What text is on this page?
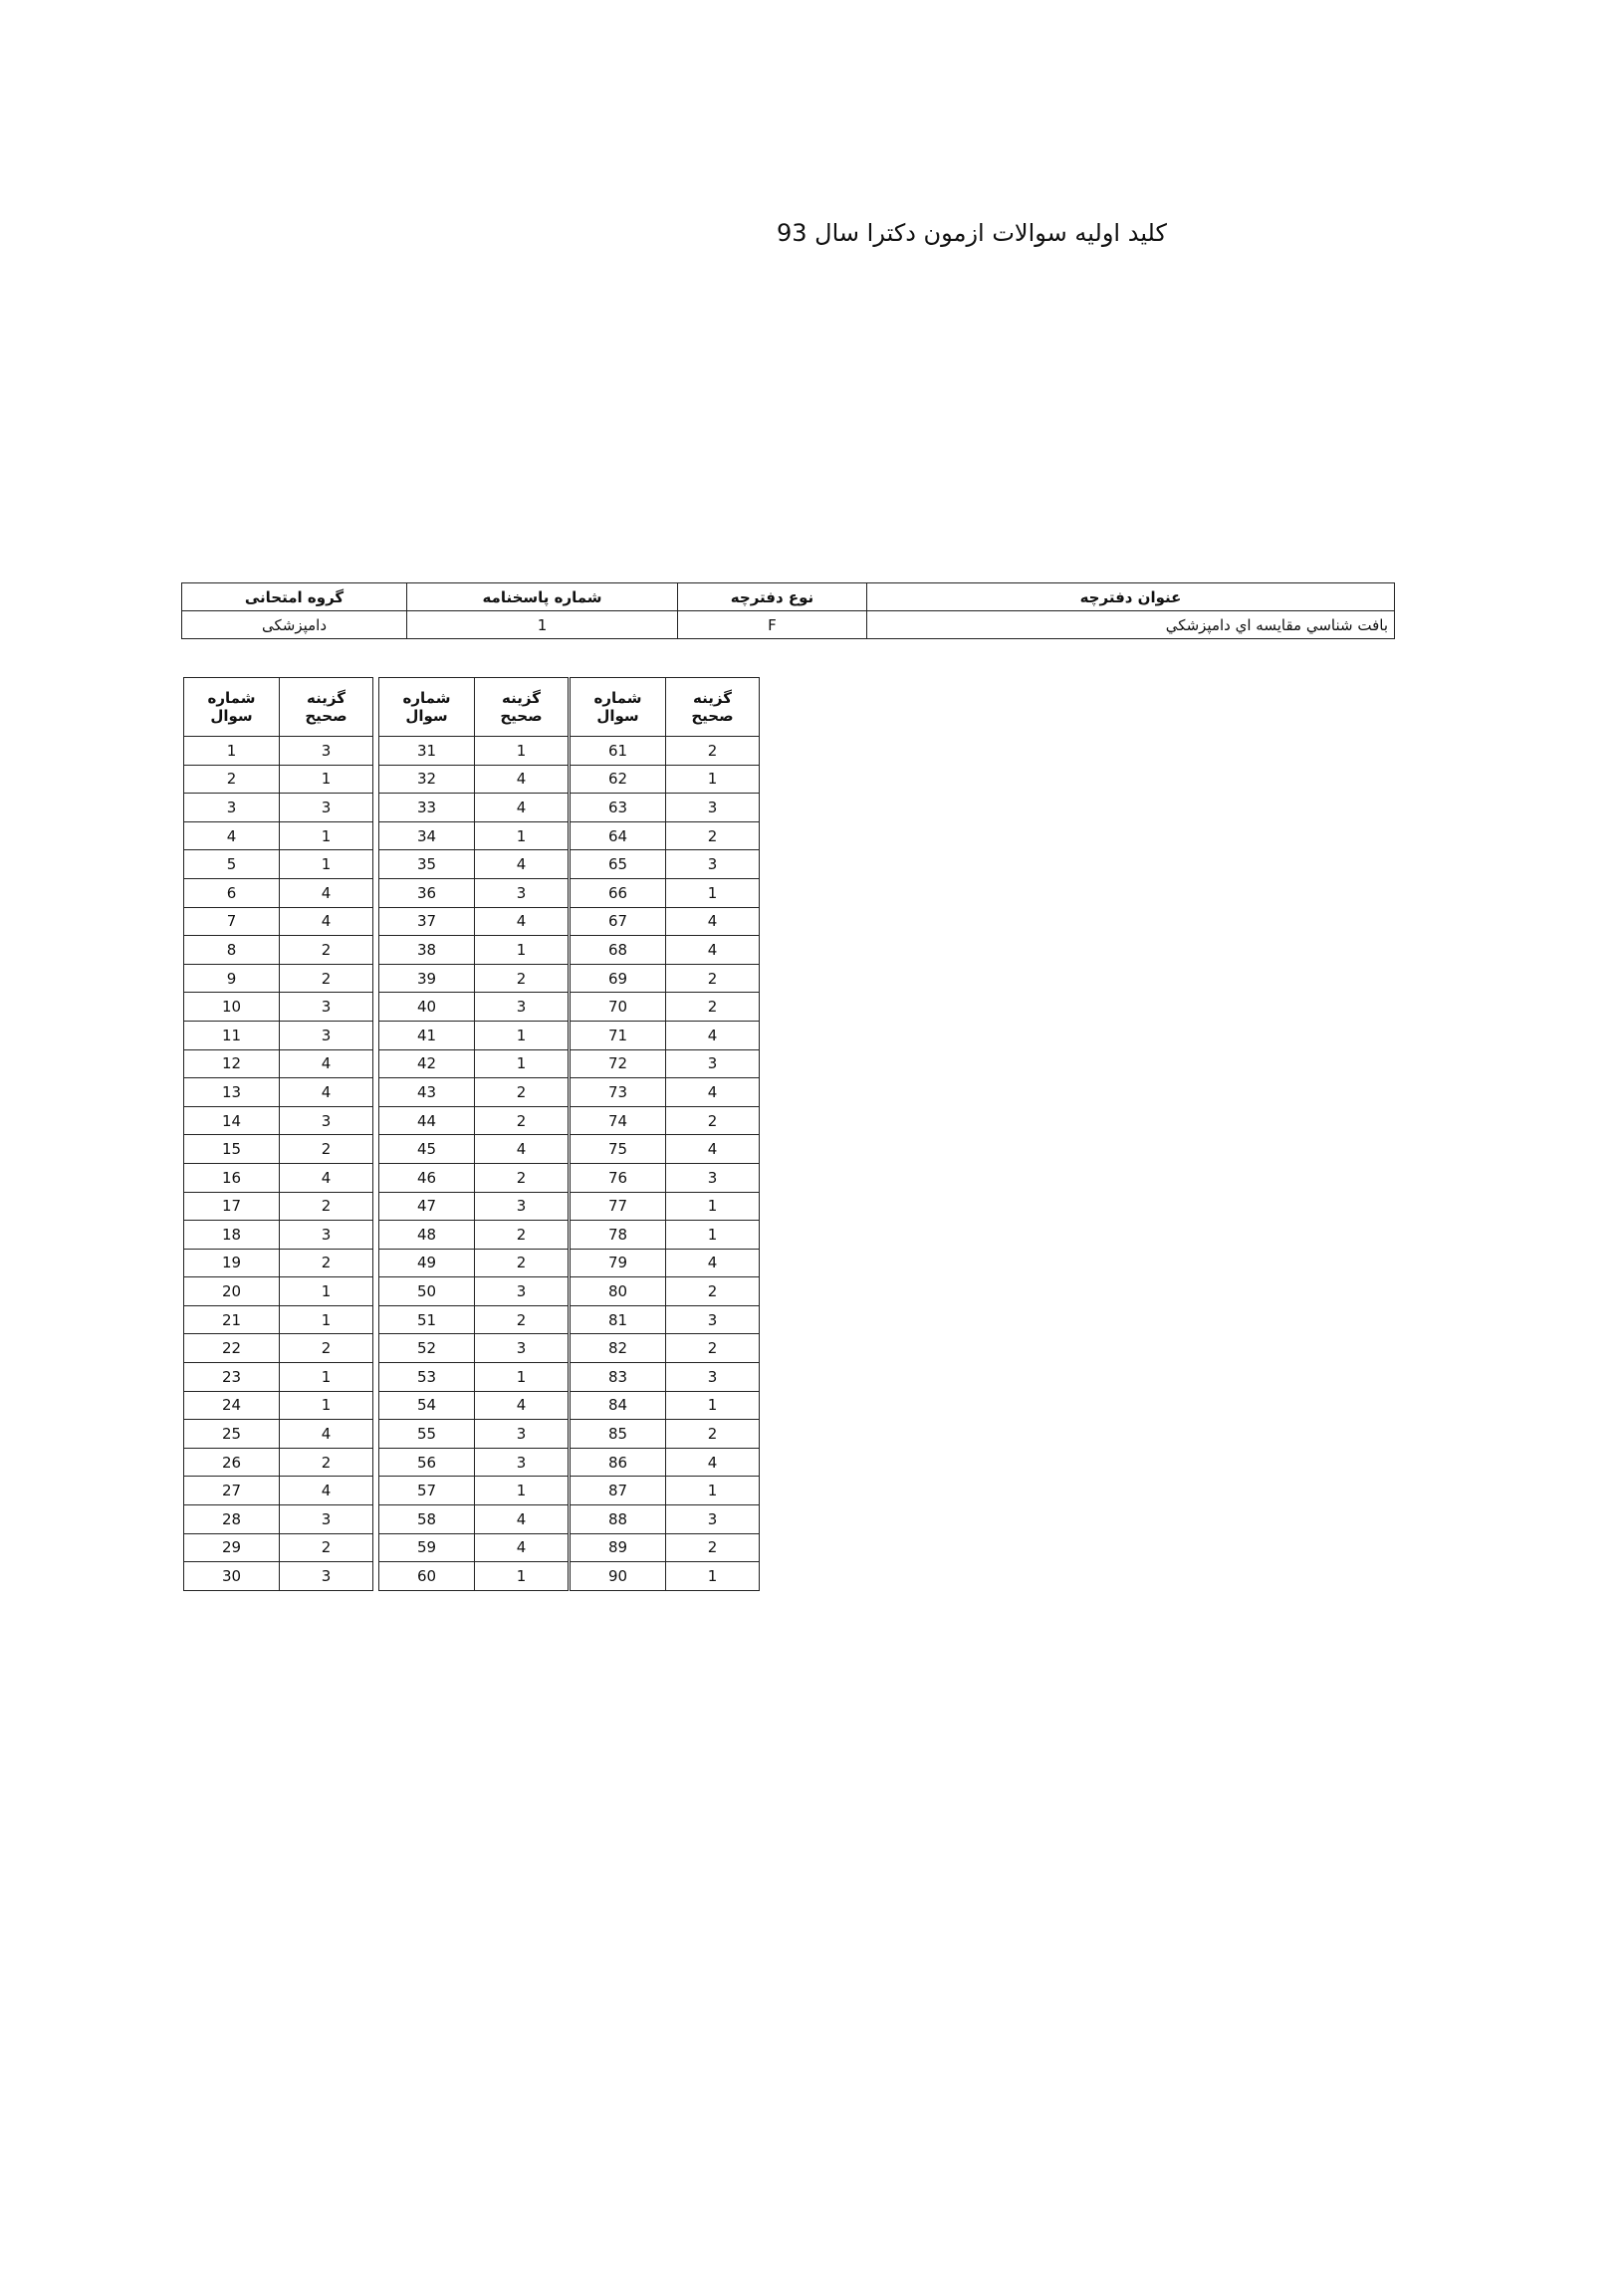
کلید اولیه سوالات ازمون دکترا سال 93
عنوان دفترچه	نوع دفترچه	شماره پاسخنامه	گروه امتحانی
بافت شناسي مقايسه اي دامپزشكي	F	1	دامپزشکی
شماره
سوال	گزینه
صحیح
1	3
2	1
3	3
4	1
5	1
6	4
7	4
8	2
9	2
10	3
11	3
12	4
13	4
14	3
15	2
16	4
17	2
18	3
19	2
20	1
21	1
22	2
23	1
24	1
25	4
26	2
27	4
28	3
29	2
30	3
شماره
سوال	گزینه
صحیح
31	1
32	4
33	4
34	1
35	4
36	3
37	4
38	1
39	2
40	3
41	1
42	1
43	2
44	2
45	4
46	2
47	3
48	2
49	2
50	3
51	2
52	3
53	1
54	4
55	3
56	3
57	1
58	4
59	4
60	1
شماره
سوال	گزینه
صحیح
61	2
62	1
63	3
64	2
65	3
66	1
67	4
68	4
69	2
70	2
71	4
72	3
73	4
74	2
75	4
76	3
77	1
78	1
79	4
80	2
81	3
82	2
83	3
84	1
85	2
86	4
87	1
88	3
89	2
90	1
